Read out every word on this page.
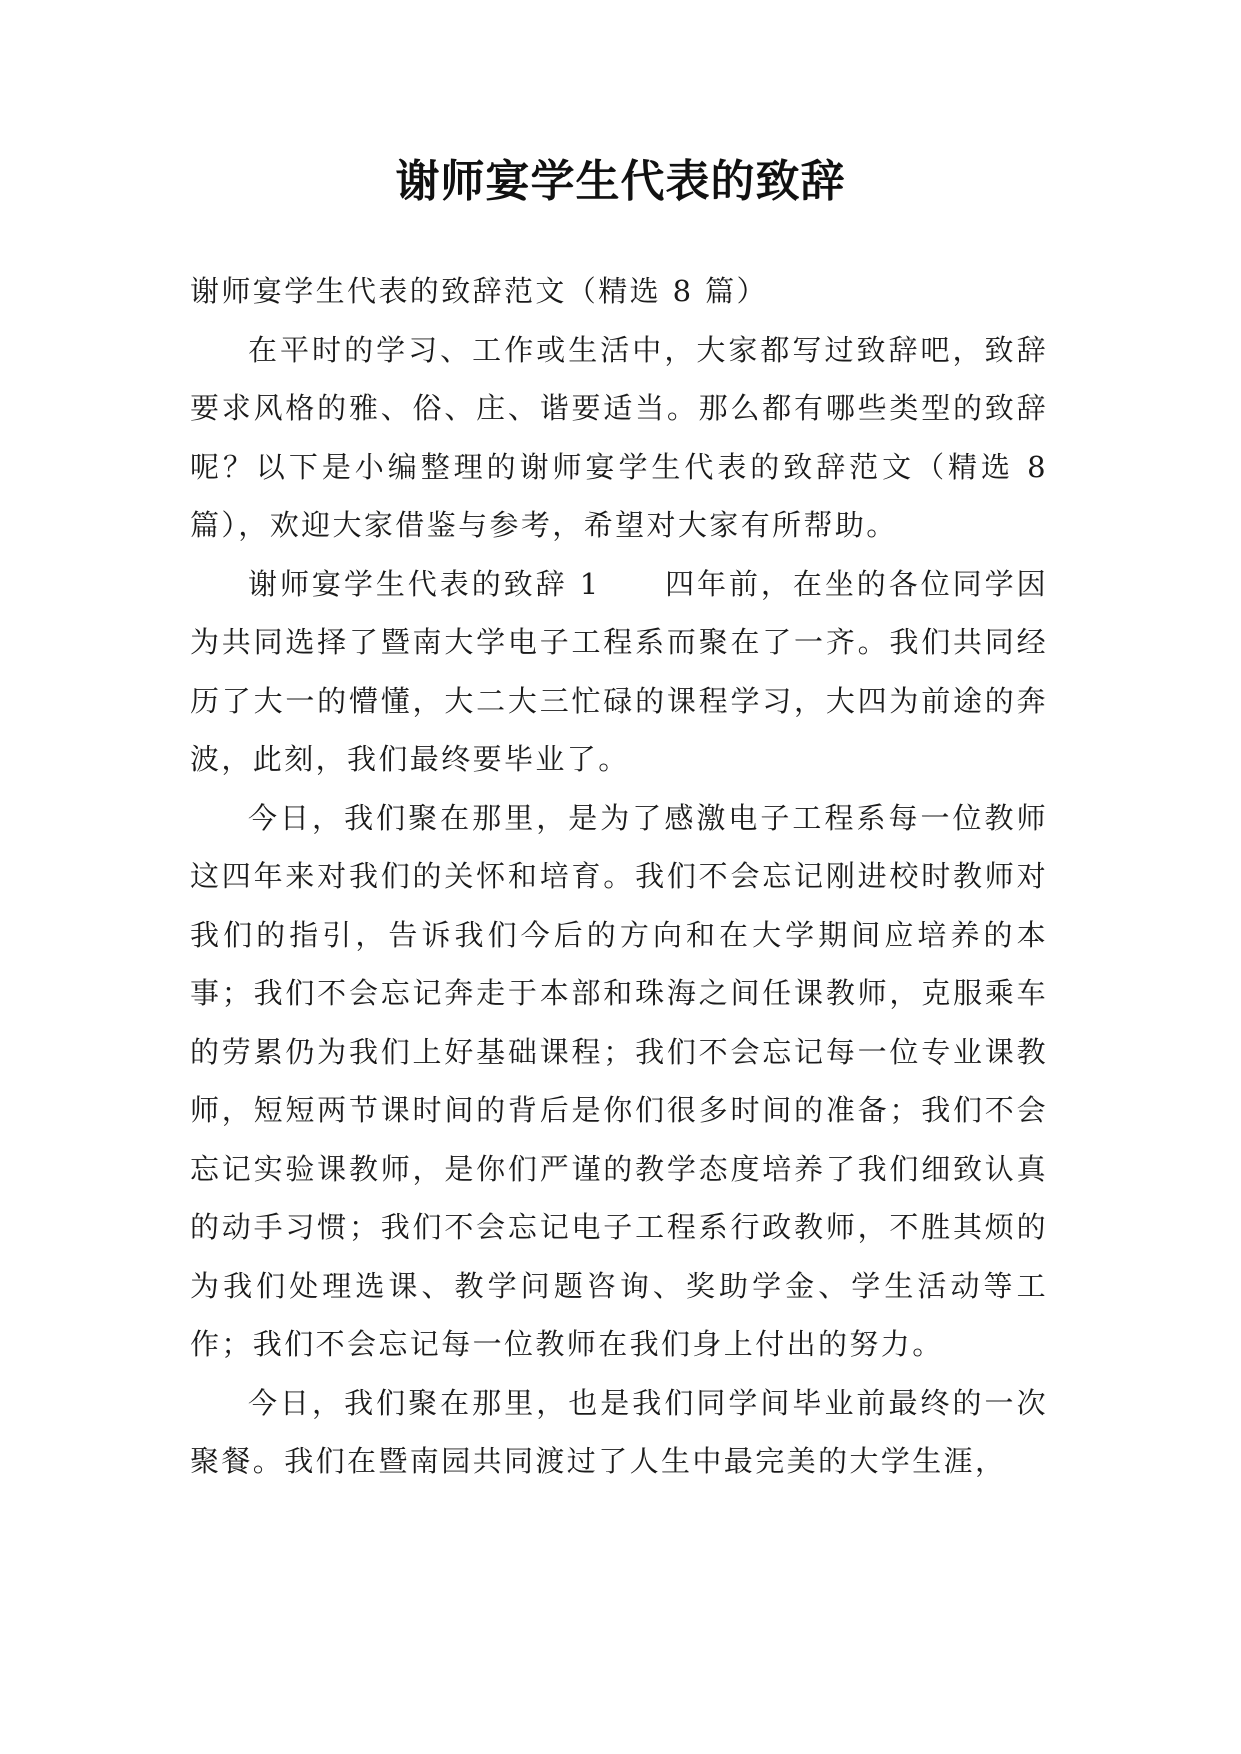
谢师宴学生代表的致辞

谢师宴学生代表的致辞范文（精选 8 篇）

在平时的学习、工作或生活中，大家都写过致辞吧，致辞要求风格的雅、俗、庄、谐要适当。那么都有哪些类型的致辞呢？以下是小编整理的谢师宴学生代表的致辞范文（精选 8 篇），欢迎大家借鉴与参考，希望对大家有所帮助。

谢师宴学生代表的致辞 1　　四年前，在坐的各位同学因为共同选择了暨南大学电子工程系而聚在了一齐。我们共同经历了大一的懵懂，大二大三忙碌的课程学习，大四为前途的奔波，此刻，我们最终要毕业了。

今日，我们聚在那里，是为了感激电子工程系每一位教师这四年来对我们的关怀和培育。我们不会忘记刚进校时教师对我们的指引，告诉我们今后的方向和在大学期间应培养的本事；我们不会忘记奔走于本部和珠海之间任课教师，克服乘车的劳累仍为我们上好基础课程；我们不会忘记每一位专业课教师，短短两节课时间的背后是你们很多时间的准备；我们不会忘记实验课教师，是你们严谨的教学态度培养了我们细致认真的动手习惯；我们不会忘记电子工程系行政教师，不胜其烦的为我们处理选课、教学问题咨询、奖助学金、学生活动等工作；我们不会忘记每一位教师在我们身上付出的努力。

今日，我们聚在那里，也是我们同学间毕业前最终的一次聚餐。我们在暨南园共同渡过了人生中最完美的大学生涯，
